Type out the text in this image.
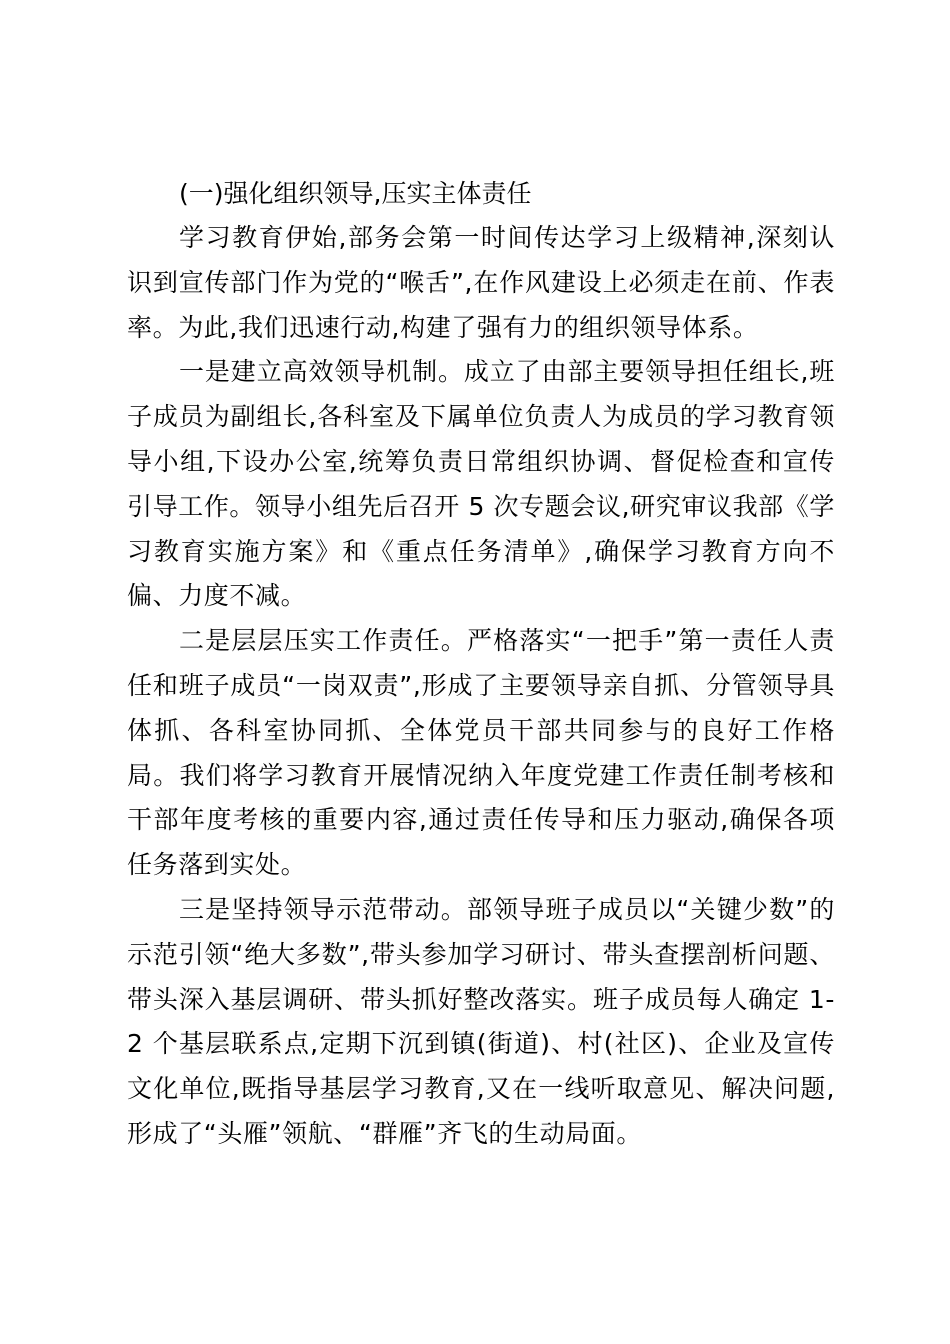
(一)强化组织领导,压实主体责任

学习教育伊始,部务会第一时间传达学习上级精神,深刻认识到宣传部门作为党的“喉舌”,在作风建设上必须走在前、作表率。为此,我们迅速行动,构建了强有力的组织领导体系。

一是建立高效领导机制。成立了由部主要领导担任组长,班子成员为副组长,各科室及下属单位负责人为成员的学习教育领导小组,下设办公室,统筹负责日常组织协调、督促检查和宣传引导工作。领导小组先后召开 5 次专题会议,研究审议我部《学习教育实施方案》和《重点任务清单》,确保学习教育方向不偏、力度不减。

二是层层压实工作责任。严格落实“一把手”第一责任人责任和班子成员“一岗双责”,形成了主要领导亲自抓、分管领导具体抓、各科室协同抓、全体党员干部共同参与的良好工作格局。我们将学习教育开展情况纳入年度党建工作责任制考核和干部年度考核的重要内容,通过责任传导和压力驱动,确保各项任务落到实处。

三是坚持领导示范带动。部领导班子成员以“关键少数”的示范引领“绝大多数”,带头参加学习研讨、带头查摆剖析问题、带头深入基层调研、带头抓好整改落实。班子成员每人确定 1-2 个基层联系点,定期下沉到镇(街道)、村(社区)、企业及宣传文化单位,既指导基层学习教育,又在一线听取意见、解决问题,形成了“头雁”领航、“群雁”齐飞的生动局面。
